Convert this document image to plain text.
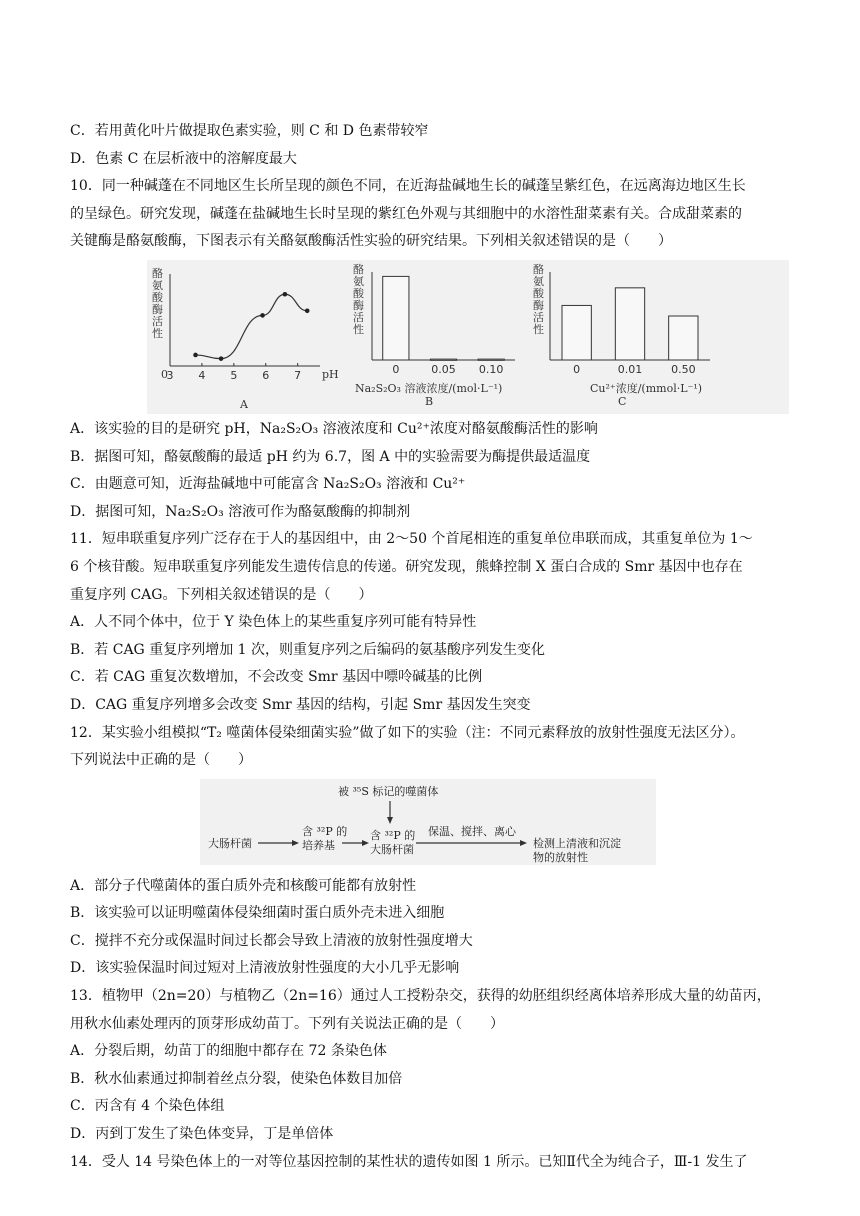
C．若用黄化叶片做提取色素实验，则 C 和 D 色素带较窄
D．色素 C 在层析液中的溶解度最大
10．同一种碱蓬在不同地区生长所呈现的颜色不同，在近海盐碱地生长的碱蓬呈紫红色，在远离海边地区生长
的呈绿色。研究发现，碱蓬在盐碱地生长时呈现的紫红色外观与其细胞中的水溶性甜菜素有关。合成甜菜素的
关键酶是酪氨酸酶，下图表示有关酪氨酸酶活性实验的研究结果。下列相关叙述错误的是（　　）
3 4 5 6 7	0	0.05 0.10	0	0.01	0.50
酪氨酸酶活性
A
pH
0
酪氨酸酶活性
Na₂S₂O₃ 溶液浓度/(mol·L⁻¹)
B
酪氨酸酶活性
Cu²⁺浓度/(mmol·L⁻¹)
C
A．该实验的目的是研究 pH，Na₂S₂O₃ 溶液浓度和 Cu²⁺浓度对酪氨酸酶活性的影响
B．据图可知，酪氨酸酶的最适 pH 约为 6.7，图 A 中的实验需要为酶提供最适温度
C．由题意可知，近海盐碱地中可能富含 Na₂S₂O₃ 溶液和 Cu²⁺
D．据图可知，Na₂S₂O₃ 溶液可作为酪氨酸酶的抑制剂
11．短串联重复序列广泛存在于人的基因组中，由 2～50 个首尾相连的重复单位串联而成，其重复单位为 1～
6 个核苷酸。短串联重复序列能发生遗传信息的传递。研究发现，熊蜂控制 X 蛋白合成的 Smr 基因中也存在
重复序列 CAG。下列相关叙述错误的是（　　）
A．人不同个体中，位于 Y 染色体上的某些重复序列可能有特异性
B．若 CAG 重复序列增加 1 次，则重复序列之后编码的氨基酸序列发生变化
C．若 CAG 重复次数增加，不会改变 Smr 基因中嘌呤碱基的比例
D．CAG 重复序列增多会改变 Smr 基因的结构，引起 Smr 基因发生突变
12．某实验小组模拟“T₂ 噬菌体侵染细菌实验”做了如下的实验（注：不同元素释放的放射性强度无法区分）。
下列说法中正确的是（　　）
被 ³⁵S 标记的噬菌体
大肠杆菌
含 ³²P 的
培养基
含 ³²P 的
大肠杆菌
保温、搅拌、离心
检测上清液和沉淀
物的放射性
A．部分子代噬菌体的蛋白质外壳和核酸可能都有放射性
B．该实验可以证明噬菌体侵染细菌时蛋白质外壳未进入细胞
C．搅拌不充分或保温时间过长都会导致上清液的放射性强度增大
D．该实验保温时间过短对上清液放射性强度的大小几乎无影响
13．植物甲（2n=20）与植物乙（2n=16）通过人工授粉杂交，获得的幼胚组织经离体培养形成大量的幼苗丙，
用秋水仙素处理丙的顶芽形成幼苗丁。下列有关说法正确的是（　　）
A．分裂后期，幼苗丁的细胞中都存在 72 条染色体
B．秋水仙素通过抑制着丝点分裂，使染色体数目加倍
C．丙含有 4 个染色体组
D．丙到丁发生了染色体变异，丁是单倍体
14．受人 14 号染色体上的一对等位基因控制的某性状的遗传如图 1 所示。已知Ⅱ代全为纯合子，Ⅲ-1 发生了
